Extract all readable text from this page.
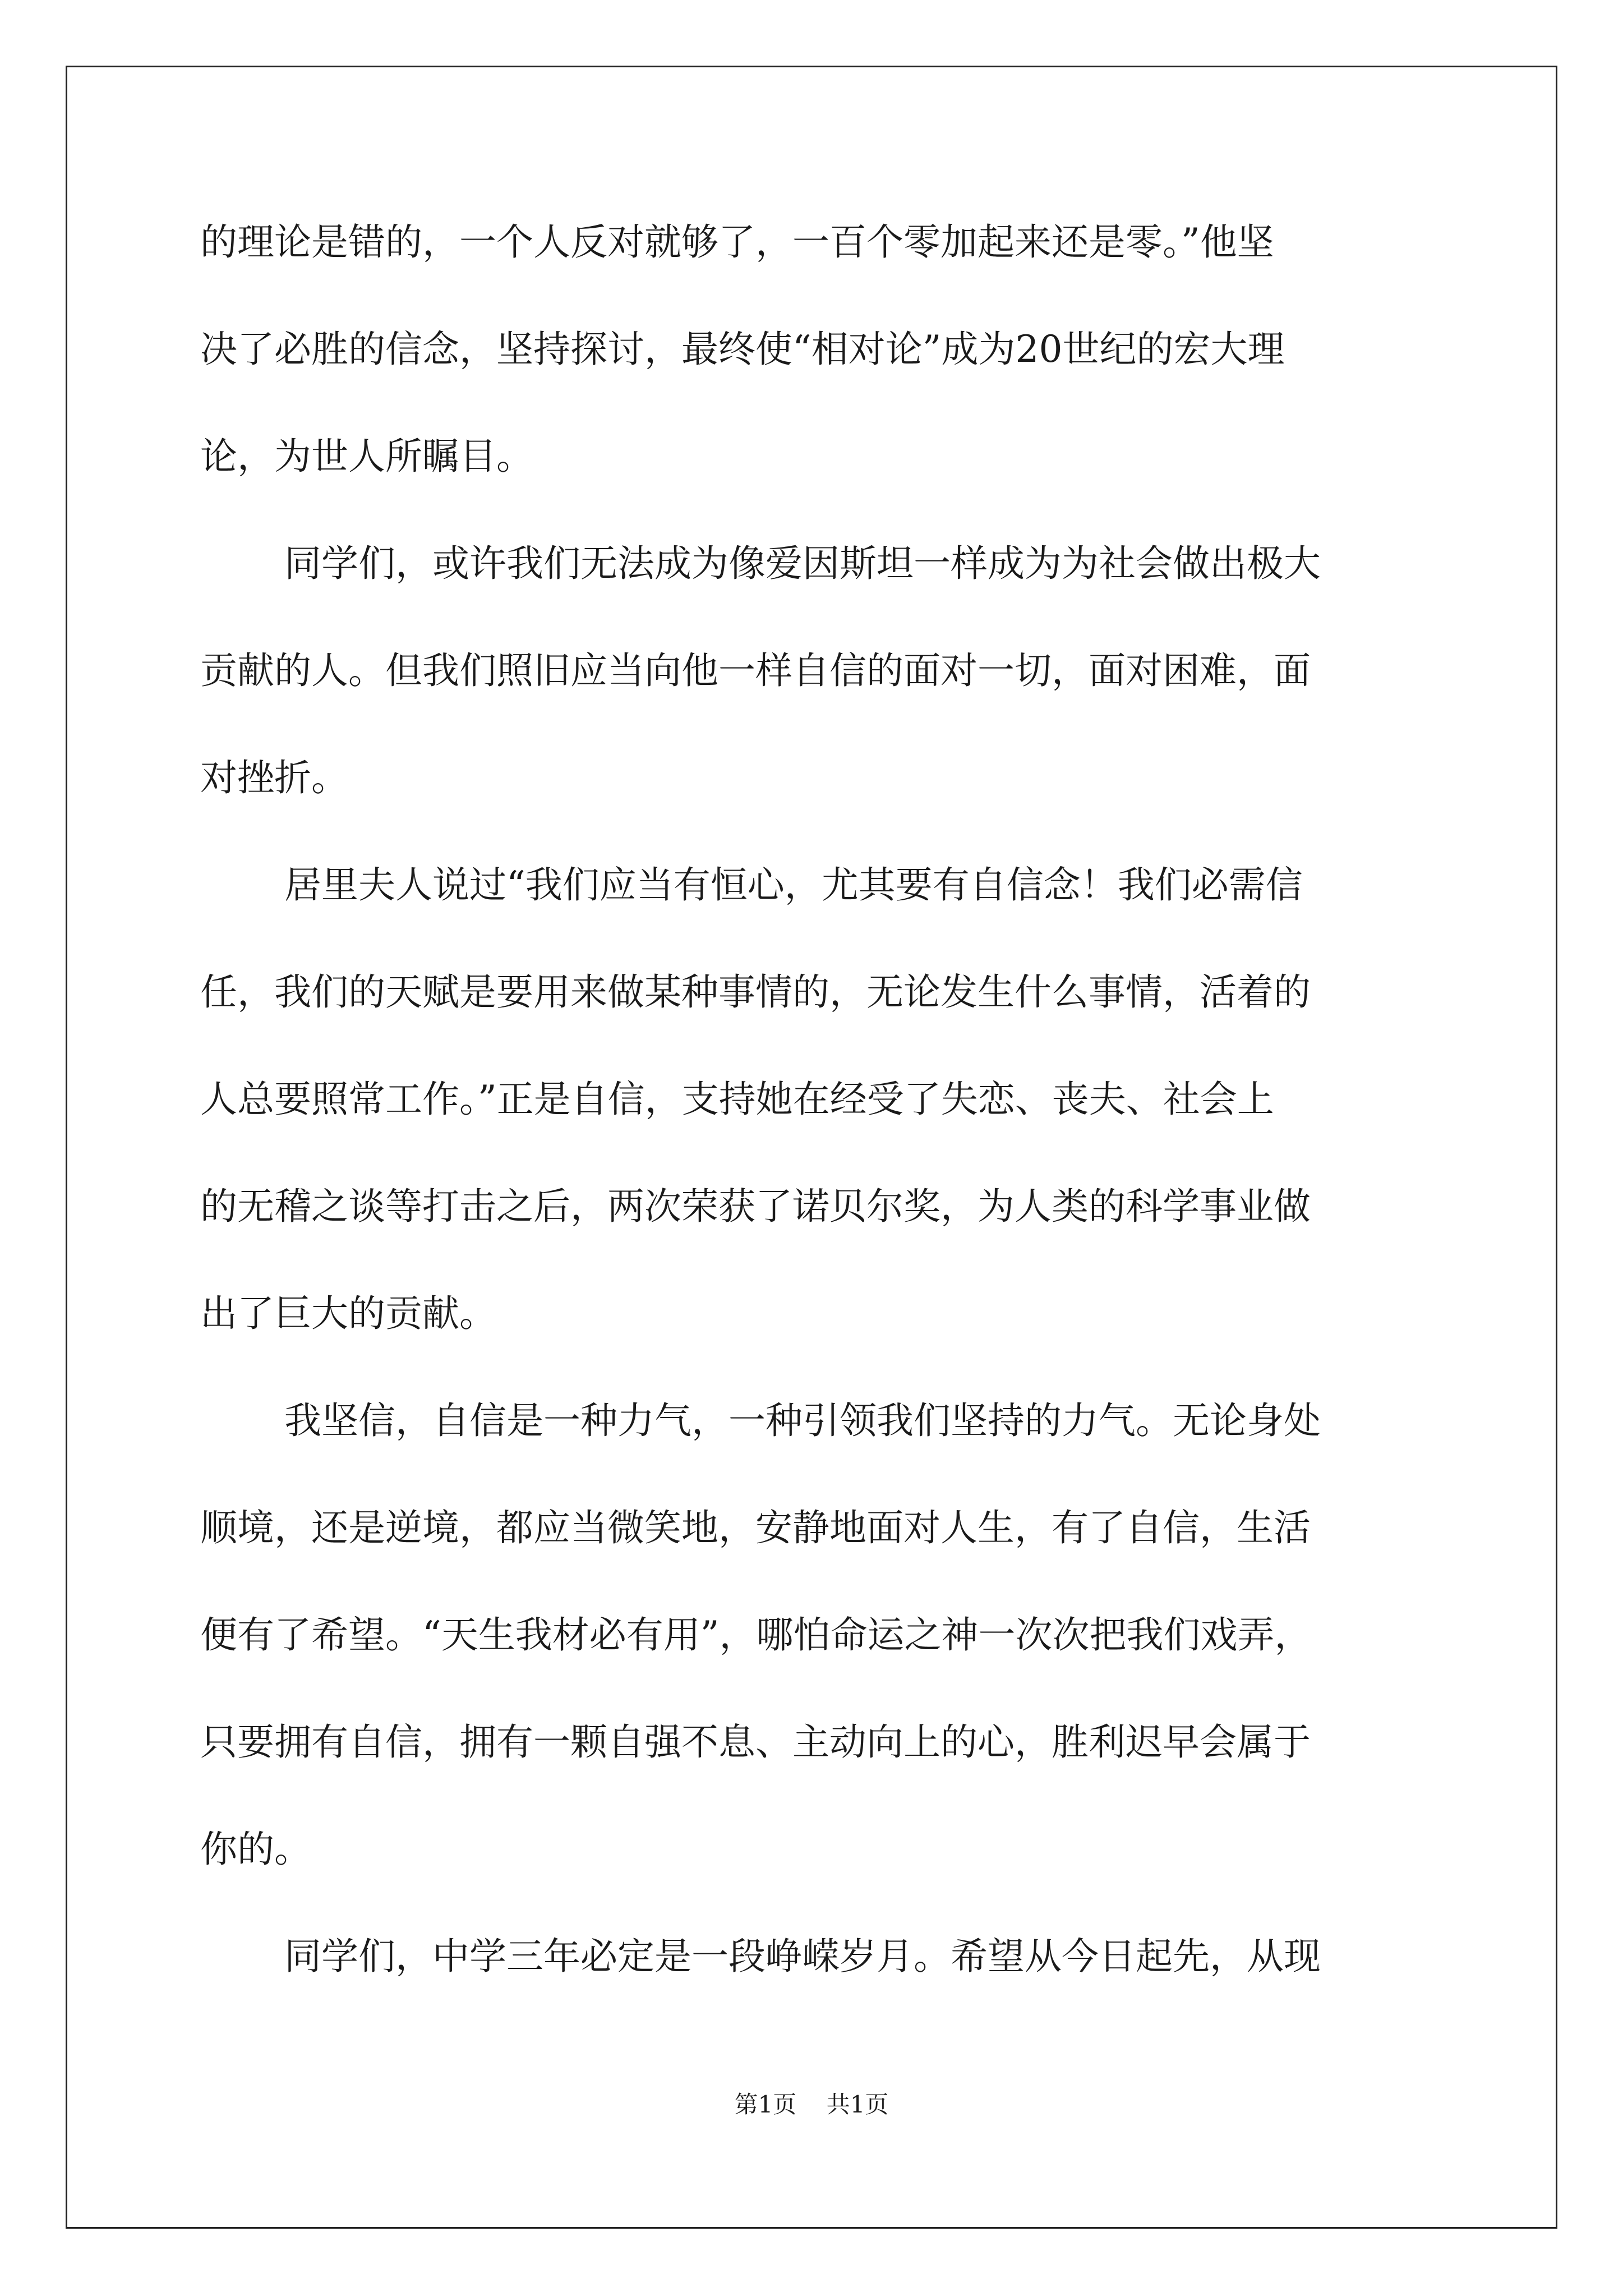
的理论是错的，一个人反对就够了，一百个零加起来还是零。”他坚
决了必胜的信念，坚持探讨，最终使“相对论”成为20世纪的宏大理
论，为世人所瞩目。
同学们，或许我们无法成为像爱因斯坦一样成为为社会做出极大
贡献的人。但我们照旧应当向他一样自信的面对一切，面对困难，面
对挫折。
居里夫人说过“我们应当有恒心，尤其要有自信念！我们必需信
任，我们的天赋是要用来做某种事情的，无论发生什么事情，活着的
人总要照常工作。”正是自信，支持她在经受了失恋、丧夫、社会上
的无稽之谈等打击之后，两次荣获了诺贝尔奖，为人类的科学事业做
出了巨大的贡献。
我坚信，自信是一种力气，一种引领我们坚持的力气。无论身处
顺境，还是逆境，都应当微笑地，安静地面对人生，有了自信，生活
便有了希望。“天生我材必有用”，哪怕命运之神一次次把我们戏弄，
只要拥有自信，拥有一颗自强不息、主动向上的心，胜利迟早会属于
你的。
同学们，中学三年必定是一段峥嵘岁月。希望从今日起先，从现
第1页 共1页
